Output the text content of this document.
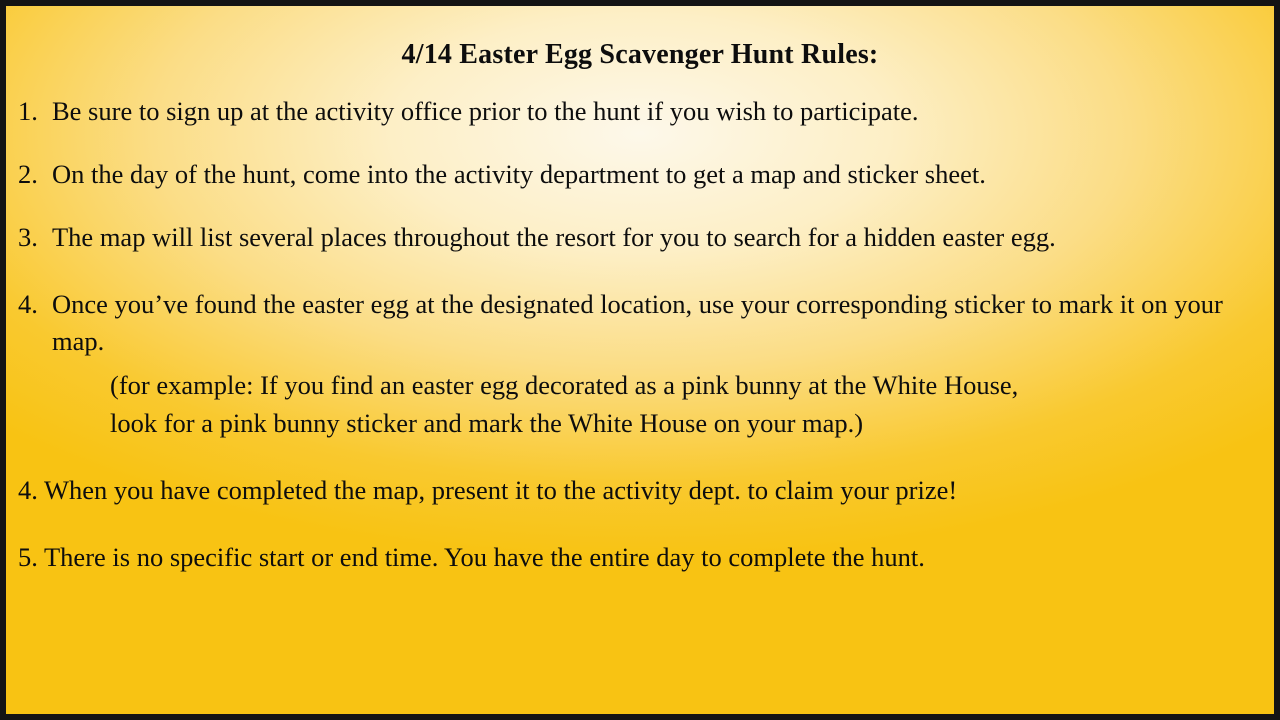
4/14 Easter Egg Scavenger Hunt Rules:
1. Be sure to sign up at the activity office prior to the hunt if you wish to participate.
2. On the day of the hunt, come into the activity department to get a map and sticker sheet.
3. The map will list several places throughout the resort for you to search for a hidden easter egg.
4. Once you’ve found the easter egg at the designated location, use your corresponding sticker to mark it on your map.
(for example: If you find an easter egg decorated as a pink bunny at the White House,
look for a pink bunny sticker and mark the White House on your map.)
4. When you have completed the map, present it to the activity dept. to claim your prize!
5. There is no specific start or end time. You have the entire day to complete the hunt.
